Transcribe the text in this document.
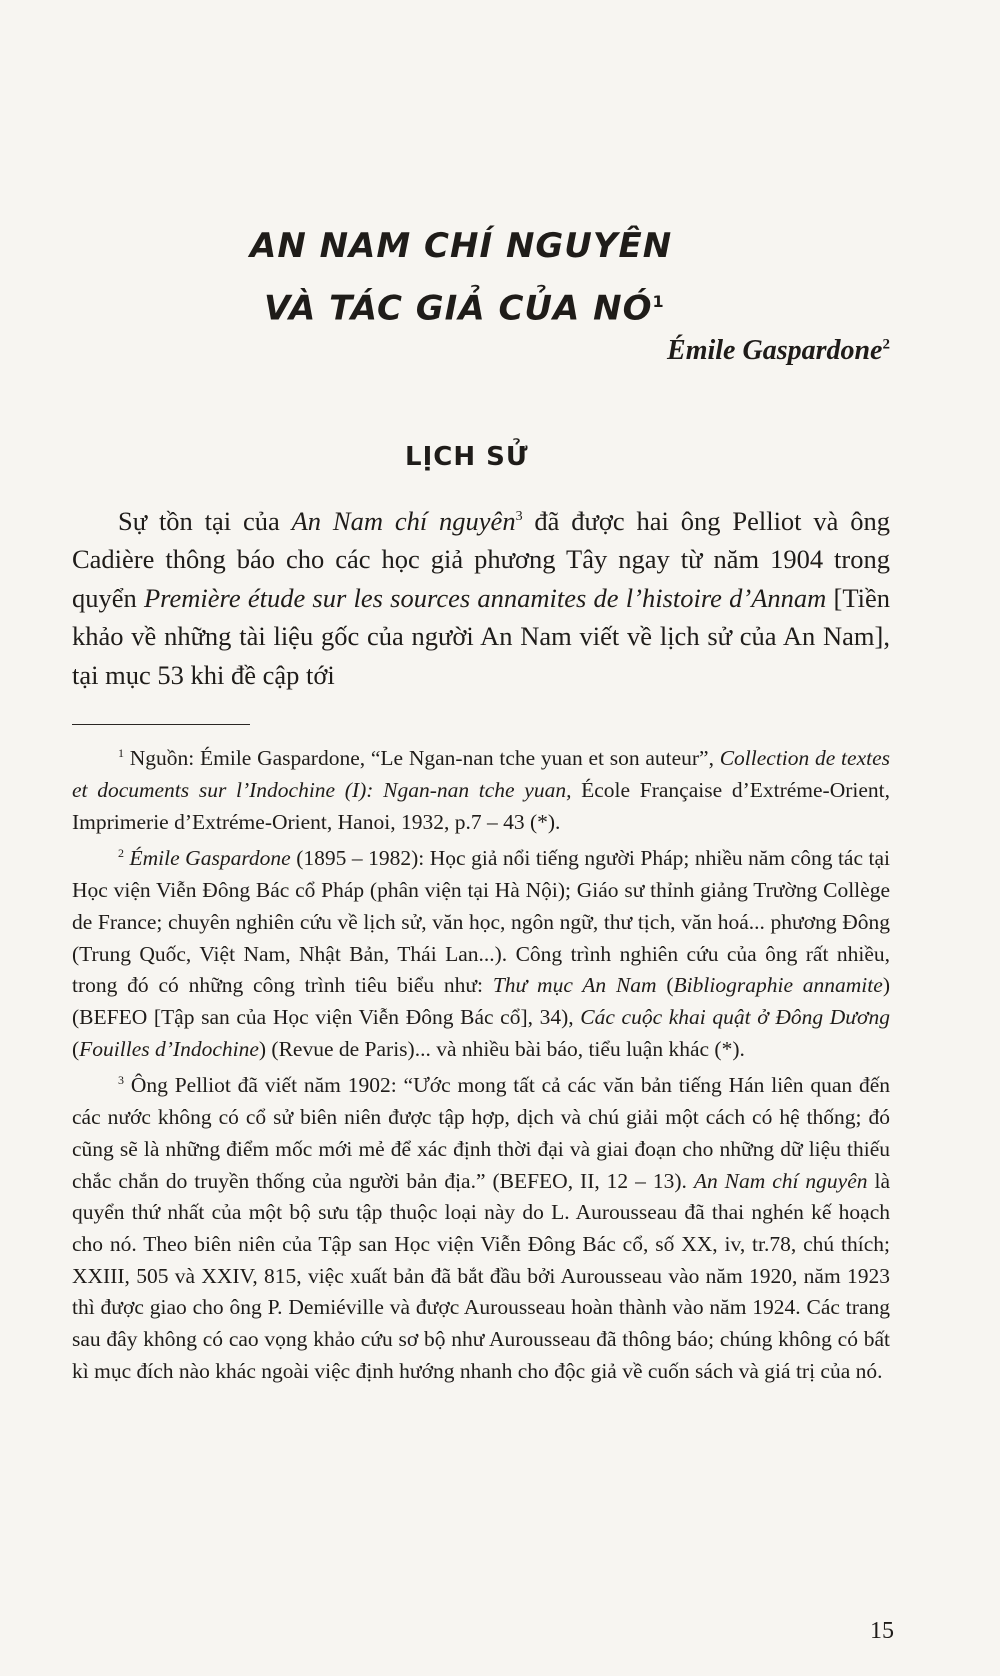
AN NAM CHÍ NGUYÊN
VÀ TÁC GIẢ CỦA $NÓ^1$

Émile Gaspardone$^2$

LỊCH SỬ

Sự tồn tại của An Nam chí nguyên$^3$ đã được hai ông Pelliot và ông Cadière thông báo cho các học giả phương Tây ngay từ năm 1904 trong quyển Première étude sur les sources annamites de l’histoire d’Annam [Tiền khảo về những tài liệu gốc của người An Nam viết về lịch sử của An Nam], tại mục 53 khi đề cập tới

$^1$ Nguồn: Émile Gaspardone, “Le Ngan-nan tche yuan et son auteur”, Collection de textes et documents sur l’Indochine (I): Ngan-nan tche yuan, École Française d’Extréme-Orient, Imprimerie d’Extréme-Orient, Hanoi, 1932, p.7 – 43 (*).

$^2$ Émile Gaspardone (1895 – 1982): Học giả nổi tiếng người Pháp; nhiều năm công tác tại Học viện Viễn Đông Bác cổ Pháp (phân viện tại Hà Nội); Giáo sư thỉnh giảng Trường Collège de France; chuyên nghiên cứu về lịch sử, văn học, ngôn ngữ, thư tịch, văn hoá... phương Đông (Trung Quốc, Việt Nam, Nhật Bản, Thái Lan...). Công trình nghiên cứu của ông rất nhiều, trong đó có những công trình tiêu biểu như: Thư mục An Nam (Bibliographie annamite) (BEFEO [Tập san của Học viện Viễn Đông Bác cổ], 34), Các cuộc khai quật ở Đông Dương (Fouilles d’Indochine) (Revue de Paris)... và nhiều bài báo, tiểu luận khác (*).

$^3$ Ông Pelliot đã viết năm 1902: “Ước mong tất cả các văn bản tiếng Hán liên quan đến các nước không có cổ sử biên niên được tập hợp, dịch và chú giải một cách có hệ thống; đó cũng sẽ là những điểm mốc mới mẻ để xác định thời đại và giai đoạn cho những dữ liệu thiếu chắc chắn do truyền thống của người bản địa.” (BEFEO, II, 12 – 13). An Nam chí nguyên là quyển thứ nhất của một bộ sưu tập thuộc loại này do L. Aurousseau đã thai nghén kế hoạch cho nó. Theo biên niên của Tập san Học viện Viễn Đông Bác cổ, số XX, iv, tr.78, chú thích; XXIII, 505 và XXIV, 815, việc xuất bản đã bắt đầu bởi Aurousseau vào năm 1920, năm 1923 thì được giao cho ông P. Demiéville và được Aurousseau hoàn thành vào năm 1924. Các trang sau đây không có cao vọng khảo cứu sơ bộ như Aurousseau đã thông báo; chúng không có bất kì mục đích nào khác ngoài việc định hướng nhanh cho độc giả về cuốn sách và giá trị của nó.

15
